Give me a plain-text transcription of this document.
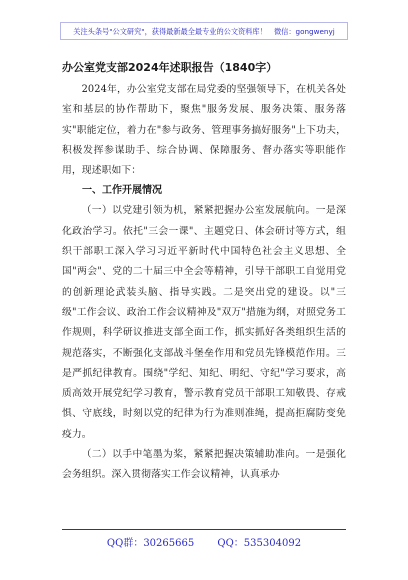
关注头条号"公文研究"，获得最新最全最专业的公文资料库！　微信：gongwenyj
办公室党支部2024年述职报告（1840字）

2024年，办公室党支部在局党委的坚强领导下，在机关各处室和基层的协作帮助下，聚焦"服务发展、服务决策、服务落实"职能定位，着力在"参与政务、管理事务搞好服务"上下功夫，积极发挥参谋助手、综合协调、保障服务、督办落实等职能作用，现述职如下：

一、工作开展情况

（一）以党建引领为机，紧紧把握办公室发展航向。一是深化政治学习。依托"三会一课"、主题党日、体会研讨等方式，组织干部职工深入学习习近平新时代中国特色社会主义思想、全国"两会"、党的二十届三中全会等精神，引导干部职工自觉用党的创新理论武装头脑、指导实践。二是突出党的建设。以"三级"工作会议、政治工作会议精神及"双万"措施为纲，对照党务工作规则，科学研议推进支部全面工作，抓实抓好各类组织生活的规范落实，不断强化支部战斗堡垒作用和党员先锋模范作用。三是严抓纪律教育。围绕"学纪、知纪、明纪、守纪"学习要求，高质高效开展党纪学习教育，警示教育党员干部职工知敬畏、存戒惧、守底线，时刻以党的纪律为行为准则准绳，提高拒腐防变免疫力。

（二）以手中笔墨为桨，紧紧把握决策辅助准向。一是强化会务组织。深入贯彻落实工作会议精神，认真承办

QQ群：30265665 QQ：535304092
